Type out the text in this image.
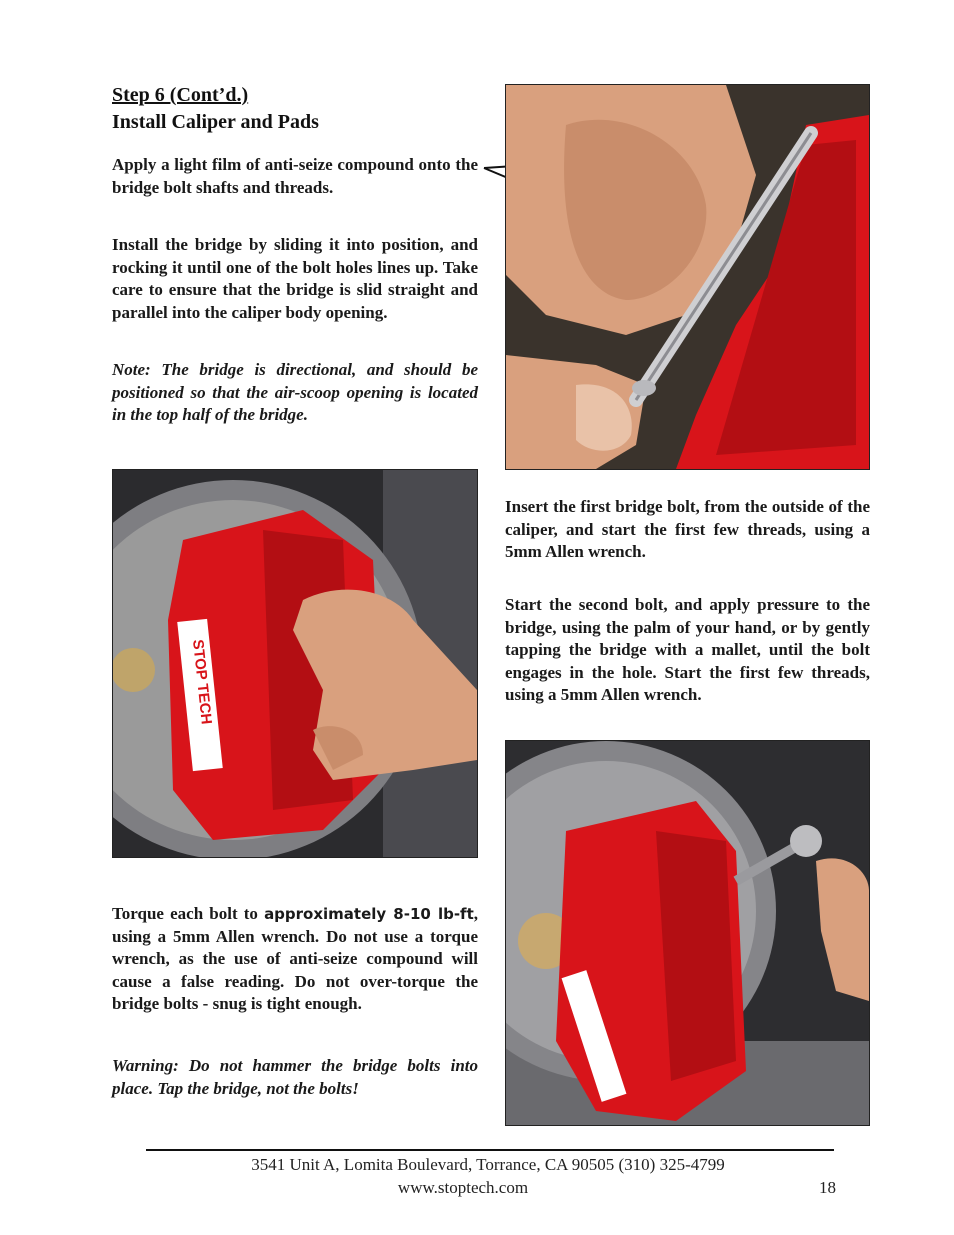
Step 6 (Cont’d.)
Install Caliper and Pads
Apply a light film of anti-seize compound onto the bridge bolt shafts and threads.
Install the bridge by sliding it into position, and rocking it until one of the bolt holes lines up. Take care to ensure that the bridge is slid straight and parallel into the caliper body opening.
Note: The bridge is directional, and should be positioned so that the air-scoop opening is located in the top half of the bridge.
Torque each bolt to approximately 8-10 lb-ft, using a 5mm Allen wrench. Do not use a torque wrench, as the use of anti-seize compound will cause a false reading. Do not over-torque the bridge bolts - snug is tight enough.
Warning: Do not hammer the bridge bolts into place. Tap the bridge, not the bolts!
Insert the first bridge bolt, from the outside of the caliper, and start the first few threads, using a 5mm Allen wrench.
Start the second bolt, and apply pressure to the bridge, using the palm of your hand, or by gently tapping the bridge with a mallet, until the bolt engages in the hole. Start the first few threads, using a 5mm Allen wrench.
STOP TECH
3541 Unit A, Lomita Boulevard, Torrance, CA 90505 (310) 325-4799
www.stoptech.com	18
